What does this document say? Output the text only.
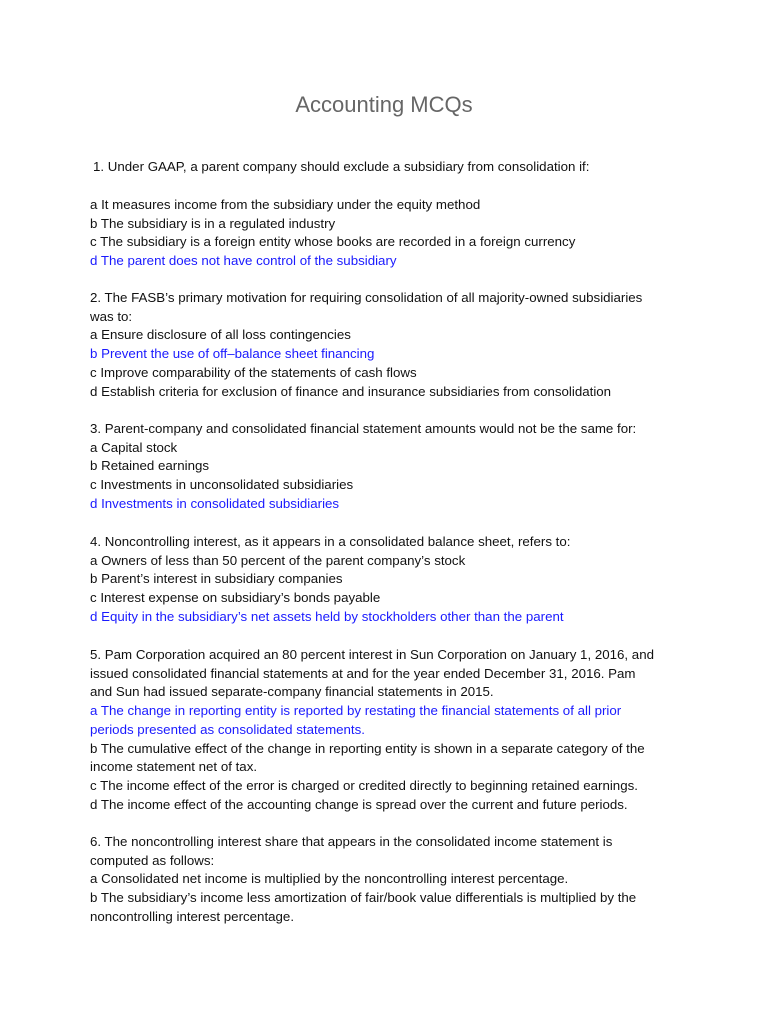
Accounting MCQs
1. Under GAAP, a parent company should exclude a subsidiary from consolidation if:
a It measures income from the subsidiary under the equity method
b The subsidiary is in a regulated industry
c The subsidiary is a foreign entity whose books are recorded in a foreign currency
d The parent does not have control of the subsidiary
2. The FASB’s primary motivation for requiring consolidation of all majority-owned subsidiaries
was to:
a Ensure disclosure of all loss contingencies
b Prevent the use of off–balance sheet financing
c Improve comparability of the statements of cash flows
d Establish criteria for exclusion of finance and insurance subsidiaries from consolidation
3. Parent-company and consolidated financial statement amounts would not be the same for:
a Capital stock
b Retained earnings
c Investments in unconsolidated subsidiaries
d Investments in consolidated subsidiaries
4. Noncontrolling interest, as it appears in a consolidated balance sheet, refers to:
a Owners of less than 50 percent of the parent company’s stock
b Parent’s interest in subsidiary companies
c Interest expense on subsidiary’s bonds payable
d Equity in the subsidiary’s net assets held by stockholders other than the parent
5. Pam Corporation acquired an 80 percent interest in Sun Corporation on January 1, 2016, and
issued consolidated financial statements at and for the year ended December 31, 2016. Pam
and Sun had issued separate-company financial statements in 2015.
a The change in reporting entity is reported by restating the financial statements of all prior
periods presented as consolidated statements.
b The cumulative effect of the change in reporting entity is shown in a separate category of the
income statement net of tax.
c The income effect of the error is charged or credited directly to beginning retained earnings.
d The income effect of the accounting change is spread over the current and future periods.
6. The noncontrolling interest share that appears in the consolidated income statement is
computed as follows:
a Consolidated net income is multiplied by the noncontrolling interest percentage.
b The subsidiary’s income less amortization of fair/book value differentials is multiplied by the
noncontrolling interest percentage.
